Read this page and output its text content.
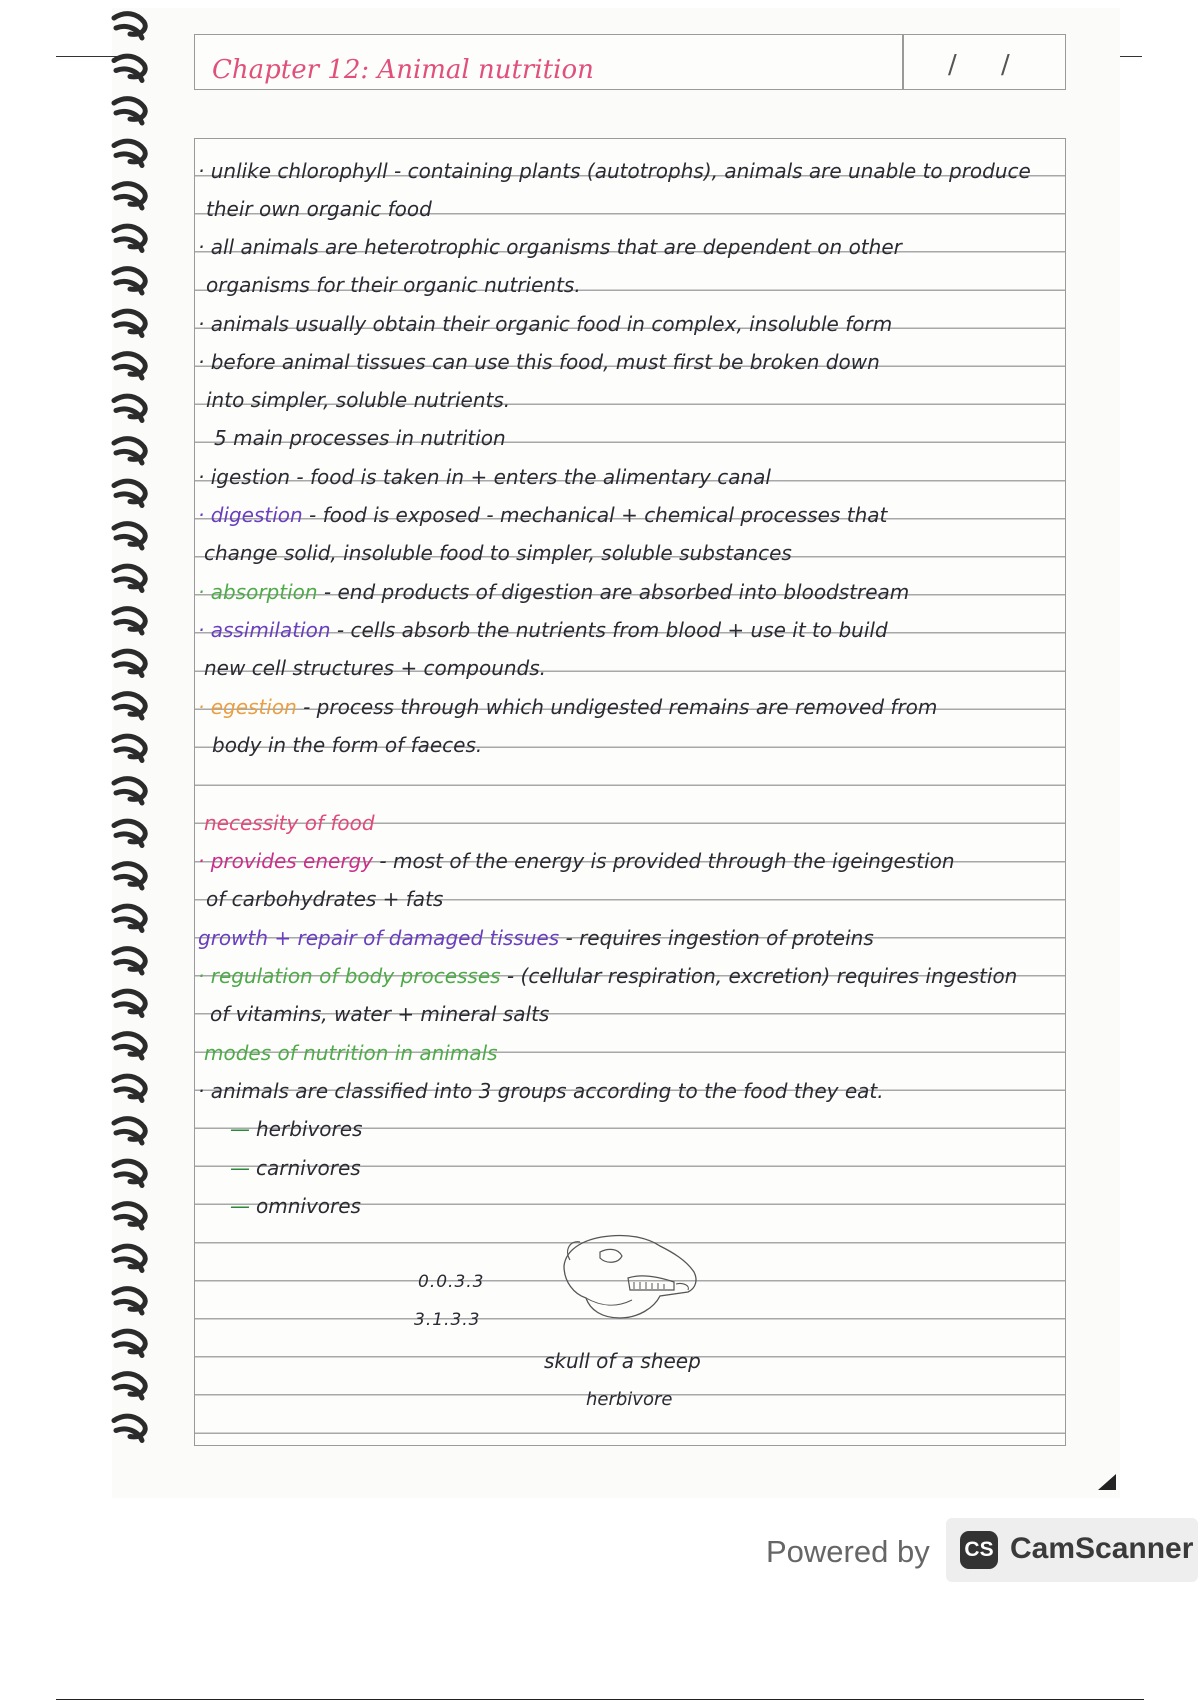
Chapter 12: Animal nutrition	/ /
· unlike chlorophyll - containing plants (autotrophs), animals are unable to produce
their own organic food
· all animals are heterotrophic organisms that are dependent on other
organisms for their organic nutrients.
· animals usually obtain their organic food in complex, insoluble form
· before animal tissues can use this food, must first be broken down
into simpler, soluble nutrients.
5 main processes in nutrition
· igestion - food is taken in + enters the alimentary canal
· digestion - food is exposed - mechanical + chemical processes that
change solid, insoluble food to simpler, soluble substances
· absorption - end products of digestion are absorbed into bloodstream
· assimilation - cells absorb the nutrients from blood + use it to build
new cell structures + compounds.
· egestion - process through which undigested remains are removed from
body in the form of faeces.
necessity of food
· provides energy - most of the energy is provided through the igeingestion
of carbohydrates + fats
growth + repair of damaged tissues - requires ingestion of proteins
· regulation of body processes - (cellular respiration, excretion) requires ingestion
of vitamins, water + mineral salts
modes of nutrition in animals
· animals are classified into 3 groups according to the food they eat.
— herbivores
— carnivores
— omnivores
0.0.3.3
3.1.3.3
skull of a sheep
herbivore
Powered by CS CamScanner
